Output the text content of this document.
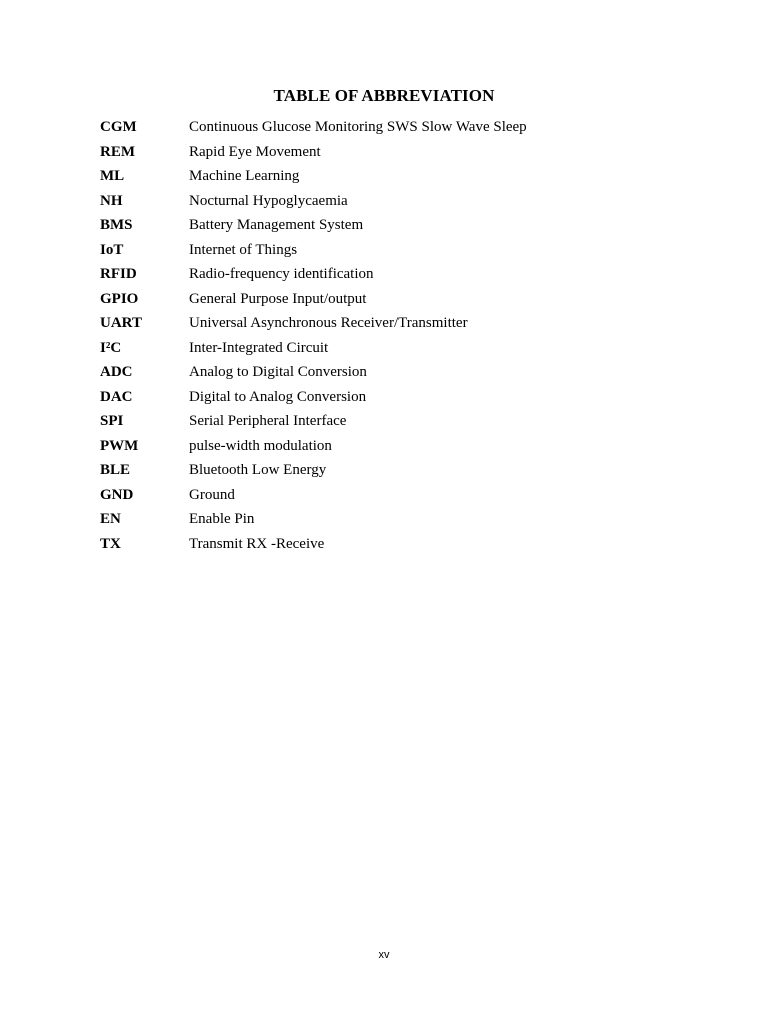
TABLE OF ABBREVIATION
CGM	Continuous Glucose Monitoring SWS Slow Wave Sleep
REM	Rapid Eye Movement
ML	Machine Learning
NH	Nocturnal Hypoglycaemia
BMS	Battery Management System
IoT	Internet of Things
RFID	Radio-frequency identification
GPIO	General Purpose Input/output
UART	Universal Asynchronous Receiver/Transmitter
I²C	Inter-Integrated Circuit
ADC	Analog to Digital Conversion
DAC	Digital to Analog Conversion
SPI	Serial Peripheral Interface
PWM	pulse-width modulation
BLE	Bluetooth Low Energy
GND	Ground
EN	Enable Pin
TX	Transmit RX -Receive
xv
